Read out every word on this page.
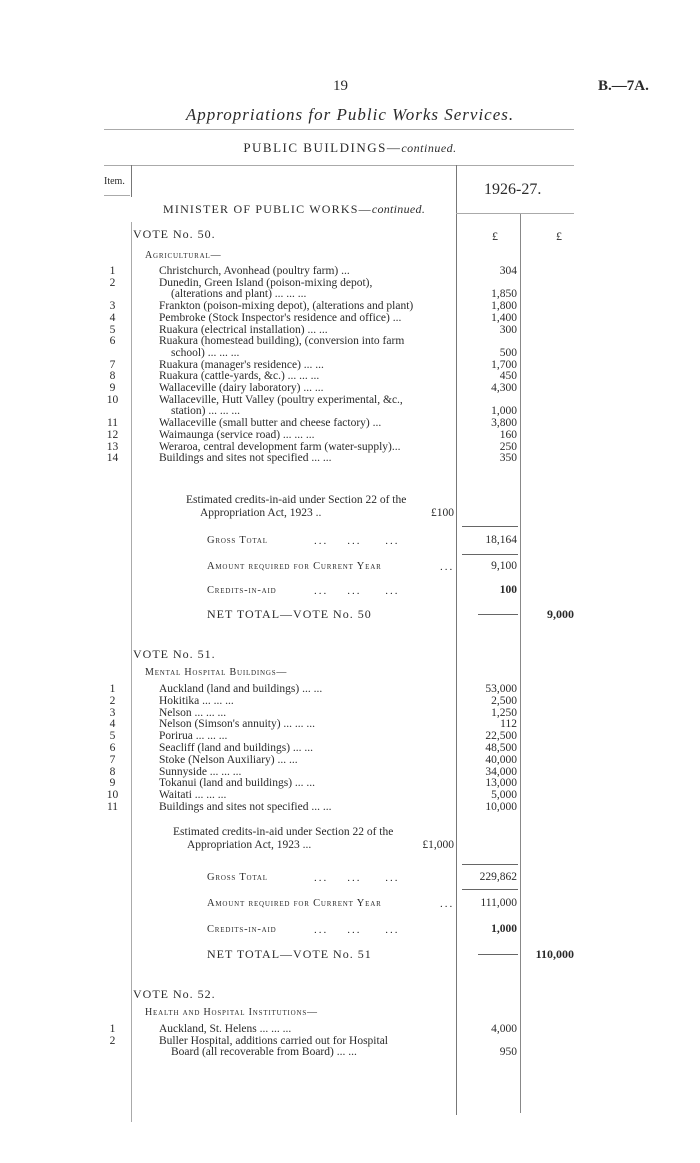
19	B.—7A.
Appropriations for Public Works Services.
PUBLIC BUILDINGS—continued.
Item.	1926-27.
MINISTER OF PUBLIC WORKS—continued.
VOTE No. 50.	£	£
Agricultural—
1	Christchurch, Avonhead (poultry farm) ...	304
2	Dunedin, Green Island (poison-mixing depot),
(alterations and plant) ... ... ...	1,850
3	Frankton (poison-mixing depot), (alterations and plant)	1,800
4	Pembroke (Stock Inspector's residence and office) ...	1,400
5	Ruakura (electrical installation) ... ...	300
6	Ruakura (homestead building), (conversion into farm
school) ... ... ...	500
7	Ruakura (manager's residence) ... ...	1,700
8	Ruakura (cattle-yards, &c.) ... ... ...	450
9	Wallaceville (dairy laboratory) ... ...	4,300
10	Wallaceville, Hutt Valley (poultry experimental, &c.,
station) ... ... ...	1,000
11	Wallaceville (small butter and cheese factory) ...	3,800
12	Waimaunga (service road) ... ... ...	160
13	Weraroa, central development farm (water-supply)...	250
14	Buildings and sites not specified ... ...	350
Estimated credits-in-aid under Section 22 of the
Appropriation Act, 1923 ..	£100
Gross Total	...    ...     ...	18,164
Amount required for Current Year	...	9,100
Credits-in-aid	...    ...     ...	100
NET TOTAL—VOTE No. 50	9,000
VOTE No. 51.
Mental Hospital Buildings—
1	Auckland (land and buildings) ... ...	53,000
2	Hokitika ... ... ...	2,500
3	Nelson ... ... ...	1,250
4	Nelson (Simson's annuity) ... ... ...	112
5	Porirua ... ... ...	22,500
6	Seacliff (land and buildings) ... ...	48,500
7	Stoke (Nelson Auxiliary) ... ...	40,000
8	Sunnyside ... ... ...	34,000
9	Tokanui (land and buildings) ... ...	13,000
10	Waitati ... ... ...	5,000
11	Buildings and sites not specified ... ...	10,000
Estimated credits-in-aid under Section 22 of the
Appropriation Act, 1923 ...	£1,000
Gross Total	...    ...     ...	229,862
Amount required for Current Year	...	111,000
Credits-in-aid	...    ...     ...	1,000
NET TOTAL—VOTE No. 51	110,000
VOTE No. 52.
Health and Hospital Institutions—
1	Auckland, St. Helens ... ... ...	4,000
2	Buller Hospital, additions carried out for Hospital
Board (all recoverable from Board) ... ...	950
